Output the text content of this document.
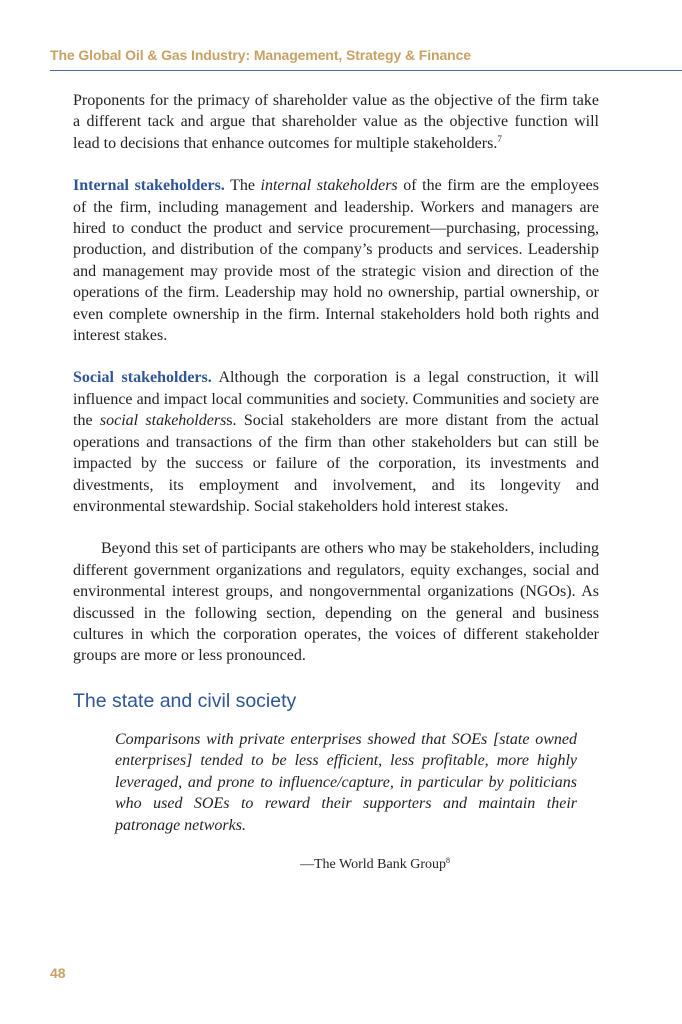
The Global Oil & Gas Industry: Management, Strategy & Finance

Proponents for the primacy of shareholder value as the objective of the firm take a different tack and argue that shareholder value as the objective function will lead to decisions that enhance outcomes for multiple stakeholders.$^7$

Internal stakeholders. The internal stakeholders of the firm are the employees of the firm, including management and leadership. Workers and managers are hired to conduct the product and service procurement—purchasing, processing, production, and distribution of the company’s products and services. Leadership and management may provide most of the strategic vision and direction of the operations of the firm. Leadership may hold no ownership, partial ownership, or even complete ownership in the firm. Internal stakeholders hold both rights and interest stakes.

Social stakeholders. Although the corporation is a legal construction, it will influence and impact local communities and society. Communities and society are the social stakeholderss. Social stakeholders are more distant from the actual operations and transactions of the firm than other stakeholders but can still be impacted by the success or failure of the corporation, its investments and divestments, its employment and involvement, and its longevity and environmental stewardship. Social stakeholders hold interest stakes.

Beyond this set of participants are others who may be stakeholders, including different government organizations and regulators, equity exchanges, social and environmental interest groups, and nongovernmental organizations (NGOs). As discussed in the following section, depending on the general and business cultures in which the corporation operates, the voices of different stakeholder groups are more or less pronounced.

The state and civil society

Comparisons with private enterprises showed that SOEs [state owned enterprises] tended to be less efficient, less profitable, more highly leveraged, and prone to influence/capture, in particular by politicians who used SOEs to reward their supporters and maintain their patronage networks.

—The World Bank Group$^8$

48
